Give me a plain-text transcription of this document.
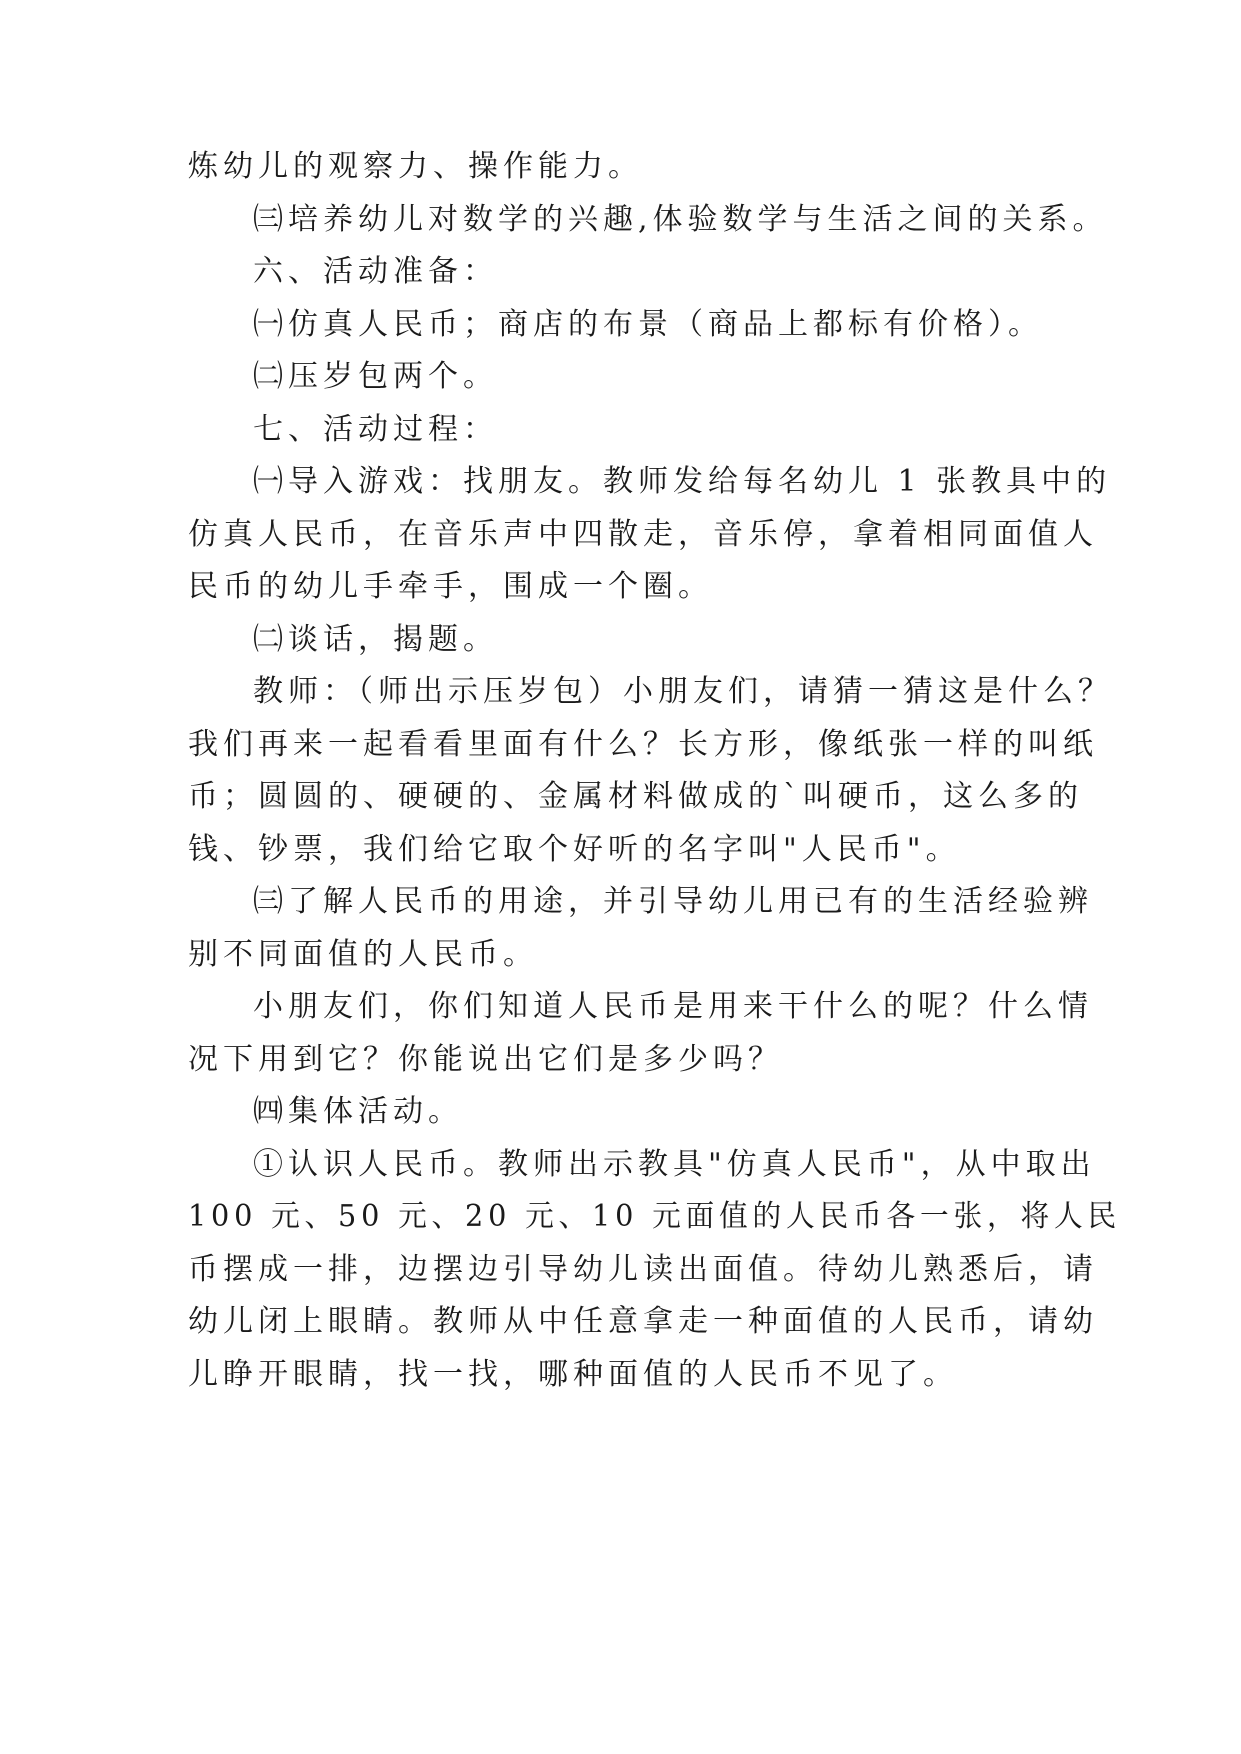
炼幼儿的观察力、操作能力。
㈢培养幼儿对数学的兴趣,体验数学与生活之间的关系。
六、活动准备：
㈠仿真人民币；商店的布景（商品上都标有价格）。
㈡压岁包两个。
七、活动过程：
㈠导入游戏：找朋友。教师发给每名幼儿 1 张教具中的
仿真人民币，在音乐声中四散走，音乐停，拿着相同面值人
民币的幼儿手牵手，围成一个圈。
㈡谈话，揭题。
教师：（师出示压岁包）小朋友们，请猜一猜这是什么？
我们再来一起看看里面有什么？长方形，像纸张一样的叫纸
币；圆圆的、硬硬的、金属材料做成的`叫硬币，这么多的
钱、钞票，我们给它取个好听的名字叫"人民币"。
㈢了解人民币的用途，并引导幼儿用已有的生活经验辨
别不同面值的人民币。
小朋友们，你们知道人民币是用来干什么的呢？什么情
况下用到它？你能说出它们是多少吗？
㈣集体活动。
①认识人民币。教师出示教具"仿真人民币"，从中取出
100 元、50 元、20 元、10 元面值的人民币各一张，将人民
币摆成一排，边摆边引导幼儿读出面值。待幼儿熟悉后，请
幼儿闭上眼睛。教师从中任意拿走一种面值的人民币，请幼
儿睁开眼睛，找一找，哪种面值的人民币不见了。
